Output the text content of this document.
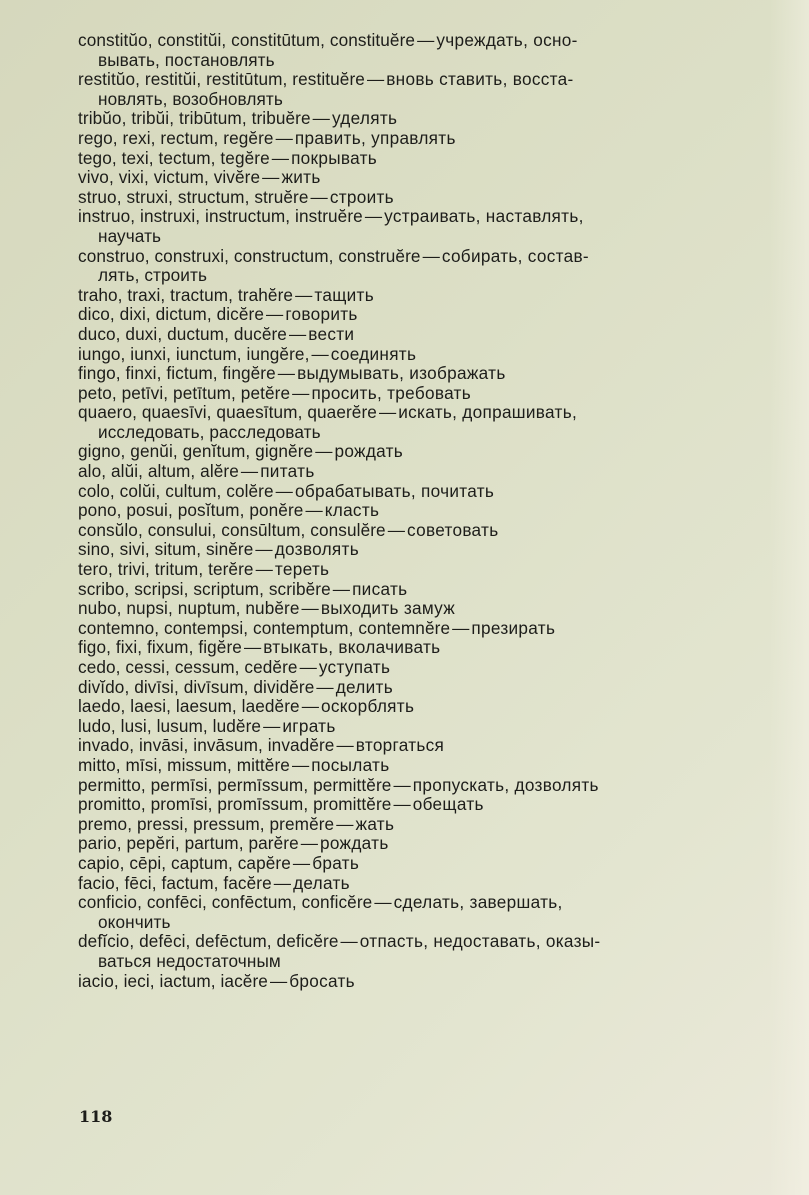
constitŭo, constitŭi, constitūtum, constituĕre — учреждать, осно-
вывать, постановлять
restitŭo, restitŭi, restitūtum, restituĕre — вновь ставить, восста-
новлять, возобновлять
tribŭo, tribŭi, tribūtum, tribuĕre — уделять
rego, rexi, rectum, regĕre — править, управлять
tego, texi, tectum, tegĕre — покрывать
vivo, vixi, victum, vivĕre — жить
struo, struxi, structum, struĕre — строить
instruo, instruxi, instructum, instruĕre — устраивать, наставлять,
научать
construo, construxi, constructum, construĕre — собирать, состав-
лять, строить
traho, traxi, tractum, trahĕre — тащить
dico, dixi, dictum, dicĕre — говорить
duco, duxi, ductum, ducĕre — вести
iungo, iunxi, iunctum, iungĕre, — соединять
fingo, finxi, fictum, fingĕre — выдумывать, изображать
peto, petīvi, petītum, petĕre — просить, требовать
quaero, quaesīvi, quaesītum, quaerĕre — искать, допрашивать,
исследовать, расследовать
gigno, genŭi, genĭtum, gignĕre — рождать
alo, alŭi, altum, alĕre — питать
colo, colŭi, cultum, colĕre — обрабатывать, почитать
pono, posui, posĭtum, ponĕre — класть
consŭlo, consului, consūltum, consulĕre — советовать
sino, sivi, situm, sinĕre — дозволять
tero, trivi, tritum, terĕre — тереть
scribo, scripsi, scriptum, scribĕre — писать
nubo, nupsi, nuptum, nubĕre — выходить замуж
contemno, contempsi, contemptum, contemnĕre — презирать
figo, fixi, fixum, figĕre — втыкать, вколачивать
cedo, cessi, cessum, cedĕre — уступать
divĭdo, divīsi, divīsum, dividĕre — делить
laedo, laesi, laesum, laedĕre — оскорблять
ludo, lusi, lusum, ludĕre — играть
invado, invāsi, invāsum, invadĕre — вторгаться
mitto, mīsi, missum, mittĕre — посылать
permitto, permīsi, permīssum, permittĕre — пропускать, дозволять
promitto, promīsi, promīssum, promittĕre — обещать
premo, pressi, pressum, premĕre — жать
pario, pepĕri, partum, parĕre — рождать
capio, cēpi, captum, capĕre — брать
facio, fēci, factum, facĕre — делать
conficio, confēci, confēctum, conficĕre — сделать, завершать,
окончить
defĭcio, defēci, defēctum, deficĕre — отпасть, недоставать, оказы-
ваться недостаточным
iacio, ieci, iactum, iacĕre — бросать
118
